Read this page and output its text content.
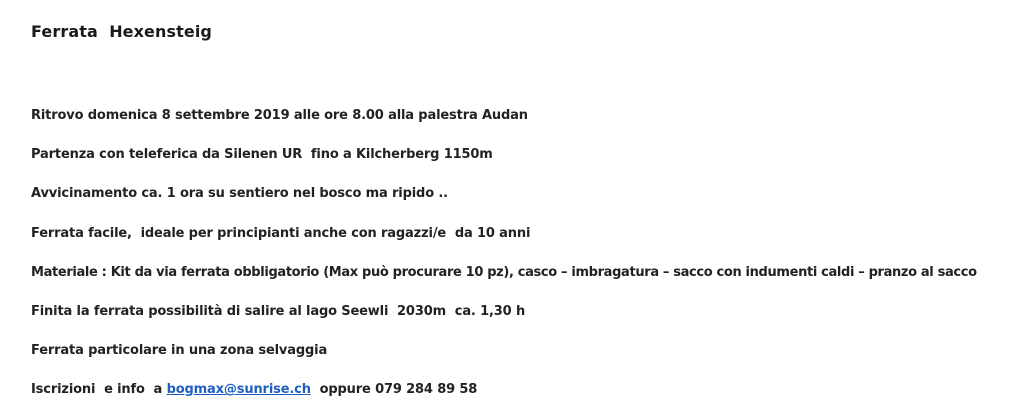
Ferrata  Hexensteig

Ritrovo domenica 8 settembre 2019 alle ore 8.00 alla palestra Audan

Partenza con teleferica da Silenen UR  fino a Kilcherberg 1150m

Avvicinamento ca. 1 ora su sentiero nel bosco ma ripido ..

Ferrata facile,  ideale per principianti anche con ragazzi/e  da 10 anni

Materiale : Kit da via ferrata obbligatorio (Max può procurare 10 pz), casco – imbragatura – sacco con indumenti caldi – pranzo al sacco

Finita la ferrata possibilità di salire al lago Seewli  2030m  ca. 1,30 h

Ferrata particolare in una zona selvaggia

Iscrizioni  e info  a bogmax@sunrise.ch  oppure 079 284 89 58
